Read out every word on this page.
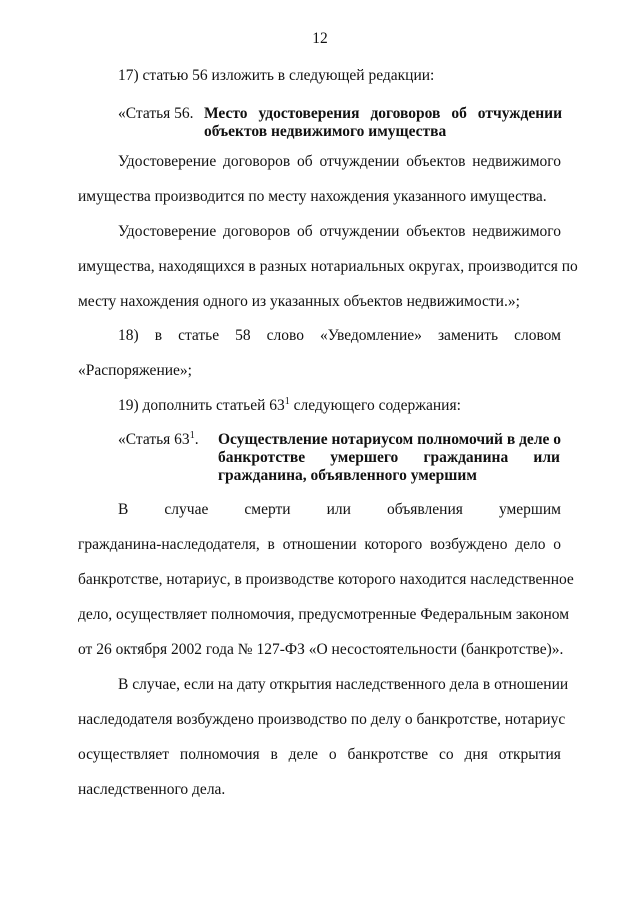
12
17) статью 56 изложить в следующей редакции:
«Статья 56. Место удостоверения договоров об отчуждении
объектов недвижимого имущества
Удостоверение договоров об отчуждении объектов недвижимого
имущества производится по месту нахождения указанного имущества.
Удостоверение договоров об отчуждении объектов недвижимого
имущества, находящихся в разных нотариальных округах, производится по
месту нахождения одного из указанных объектов недвижимости.»;
18) в статье 58 слово «Уведомление» заменить словом
«Распоряжение»;
19) дополнить статьей $63^1$ следующего содержания:
«Статья $63^1$. Осуществление нотариусом полномочий в деле о
банкротстве умершего гражданина или
гражданина, объявленного умершим
В случае смерти или объявления умершим
гражданина-наследодателя, в отношении которого возбуждено дело о
банкротстве, нотариус, в производстве которого находится наследственное
дело, осуществляет полномочия, предусмотренные Федеральным законом
от 26 октября 2002 года № 127-ФЗ «О несостоятельности (банкротстве)».
В случае, если на дату открытия наследственного дела в отношении
наследодателя возбуждено производство по делу о банкротстве, нотариус
осуществляет полномочия в деле о банкротстве со дня открытия
наследственного дела.
